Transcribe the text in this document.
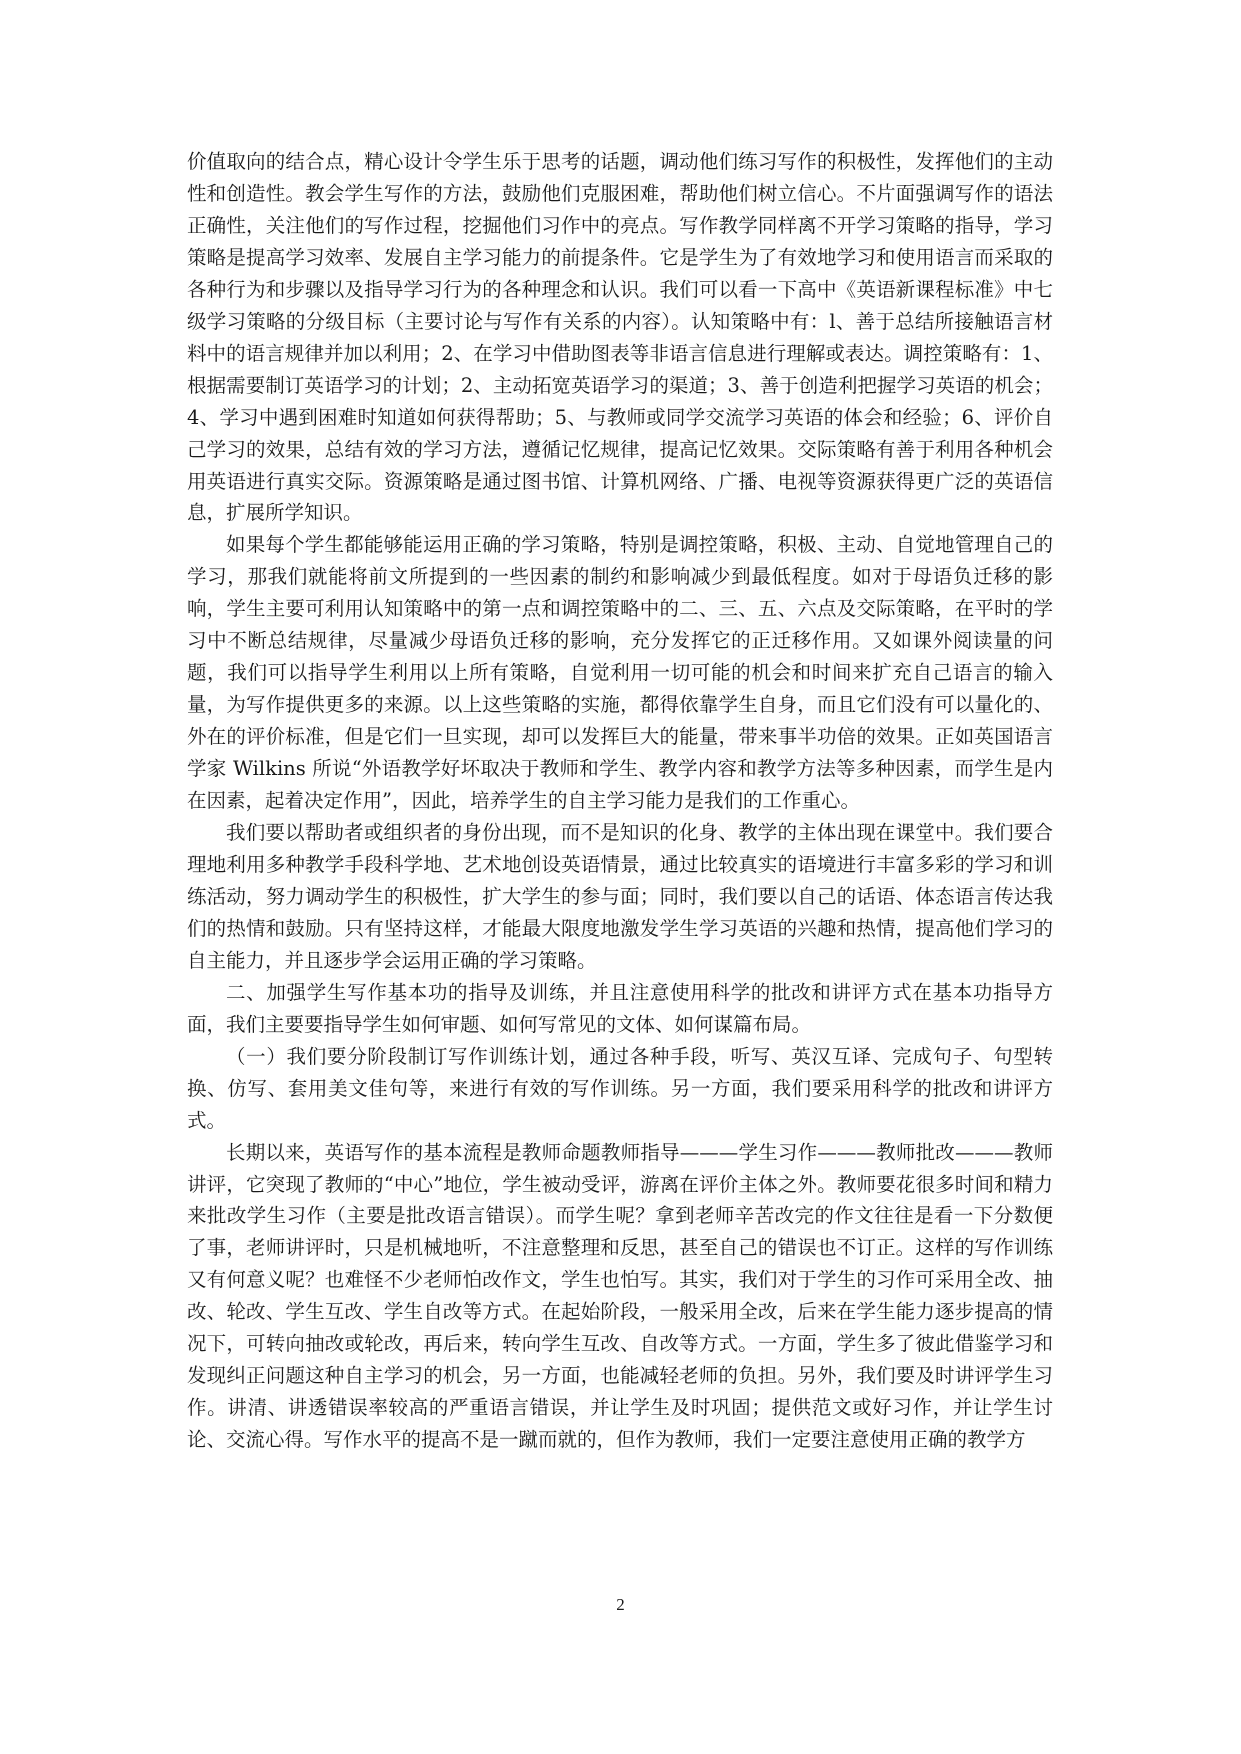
价值取向的结合点，精心设计令学生乐于思考的话题，调动他们练习写作的积极性，发挥他们的主动性和创造性。教会学生写作的方法，鼓励他们克服困难，帮助他们树立信心。不片面强调写作的语法正确性，关注他们的写作过程，挖掘他们习作中的亮点。写作教学同样离不开学习策略的指导，学习策略是提高学习效率、发展自主学习能力的前提条件。它是学生为了有效地学习和使用语言而采取的各种行为和步骤以及指导学习行为的各种理念和认识。我们可以看一下高中《英语新课程标准》中七级学习策略的分级目标（主要讨论与写作有关系的内容）。认知策略中有：l、善于总结所接触语言材料中的语言规律并加以利用；2、在学习中借助图表等非语言信息进行理解或表达。调控策略有：1、根据需要制订英语学习的计划；2、主动拓宽英语学习的渠道；3、善于创造利把握学习英语的机会；4、学习中遇到困难时知道如何获得帮助；5、与教师或同学交流学习英语的体会和经验；6、评价自己学习的效果，总结有效的学习方法，遵循记忆规律，提高记忆效果。交际策略有善于利用各种机会用英语进行真实交际。资源策略是通过图书馆、计算机网络、广播、电视等资源获得更广泛的英语信息，扩展所学知识。

如果每个学生都能够能运用正确的学习策略，特别是调控策略，积极、主动、自觉地管理自己的学习，那我们就能将前文所提到的一些因素的制约和影响减少到最低程度。如对于母语负迁移的影响，学生主要可利用认知策略中的第一点和调控策略中的二、三、五、六点及交际策略，在平时的学习中不断总结规律，尽量减少母语负迁移的影响，充分发挥它的正迁移作用。又如课外阅读量的问题，我们可以指导学生利用以上所有策略，自觉利用一切可能的机会和时间来扩充自己语言的输入量，为写作提供更多的来源。以上这些策略的实施，都得依靠学生自身，而且它们没有可以量化的、外在的评价标准，但是它们一旦实现，却可以发挥巨大的能量，带来事半功倍的效果。正如英国语言学家 Wilkins 所说“外语教学好坏取决于教师和学生、教学内容和教学方法等多种因素，而学生是内在因素，起着决定作用”，因此，培养学生的自主学习能力是我们的工作重心。

我们要以帮助者或组织者的身份出现，而不是知识的化身、教学的主体出现在课堂中。我们要合理地利用多种教学手段科学地、艺术地创设英语情景，通过比较真实的语境进行丰富多彩的学习和训练活动，努力调动学生的积极性，扩大学生的参与面；同时，我们要以自己的话语、体态语言传达我们的热情和鼓励。只有坚持这样，才能最大限度地激发学生学习英语的兴趣和热情，提高他们学习的自主能力，并且逐步学会运用正确的学习策略。

二、加强学生写作基本功的指导及训练，并且注意使用科学的批改和讲评方式在基本功指导方面，我们主要要指导学生如何审题、如何写常见的文体、如何谋篇布局。

（一）我们要分阶段制订写作训练计划，通过各种手段，听写、英汉互译、完成句子、句型转换、仿写、套用美文佳句等，来进行有效的写作训练。另一方面，我们要采用科学的批改和讲评方式。

长期以来，英语写作的基本流程是教师命题教师指导———学生习作———教师批改———教师讲评，它突现了教师的“中心”地位，学生被动受评，游离在评价主体之外。教师要花很多时间和精力来批改学生习作（主要是批改语言错误）。而学生呢？拿到老师辛苦改完的作文往往是看一下分数便了事，老师讲评时，只是机械地听，不注意整理和反思，甚至自己的错误也不订正。这样的写作训练又有何意义呢？也难怪不少老师怕改作文，学生也怕写。其实，我们对于学生的习作可采用全改、抽改、轮改、学生互改、学生自改等方式。在起始阶段，一般采用全改，后来在学生能力逐步提高的情况下，可转向抽改或轮改，再后来，转向学生互改、自改等方式。一方面，学生多了彼此借鉴学习和发现纠正问题这种自主学习的机会，另一方面，也能减轻老师的负担。另外，我们要及时讲评学生习作。讲清、讲透错误率较高的严重语言错误，并让学生及时巩固；提供范文或好习作，并让学生讨论、交流心得。写作水平的提高不是一蹴而就的，但作为教师，我们一定要注意使用正确的教学方

2
